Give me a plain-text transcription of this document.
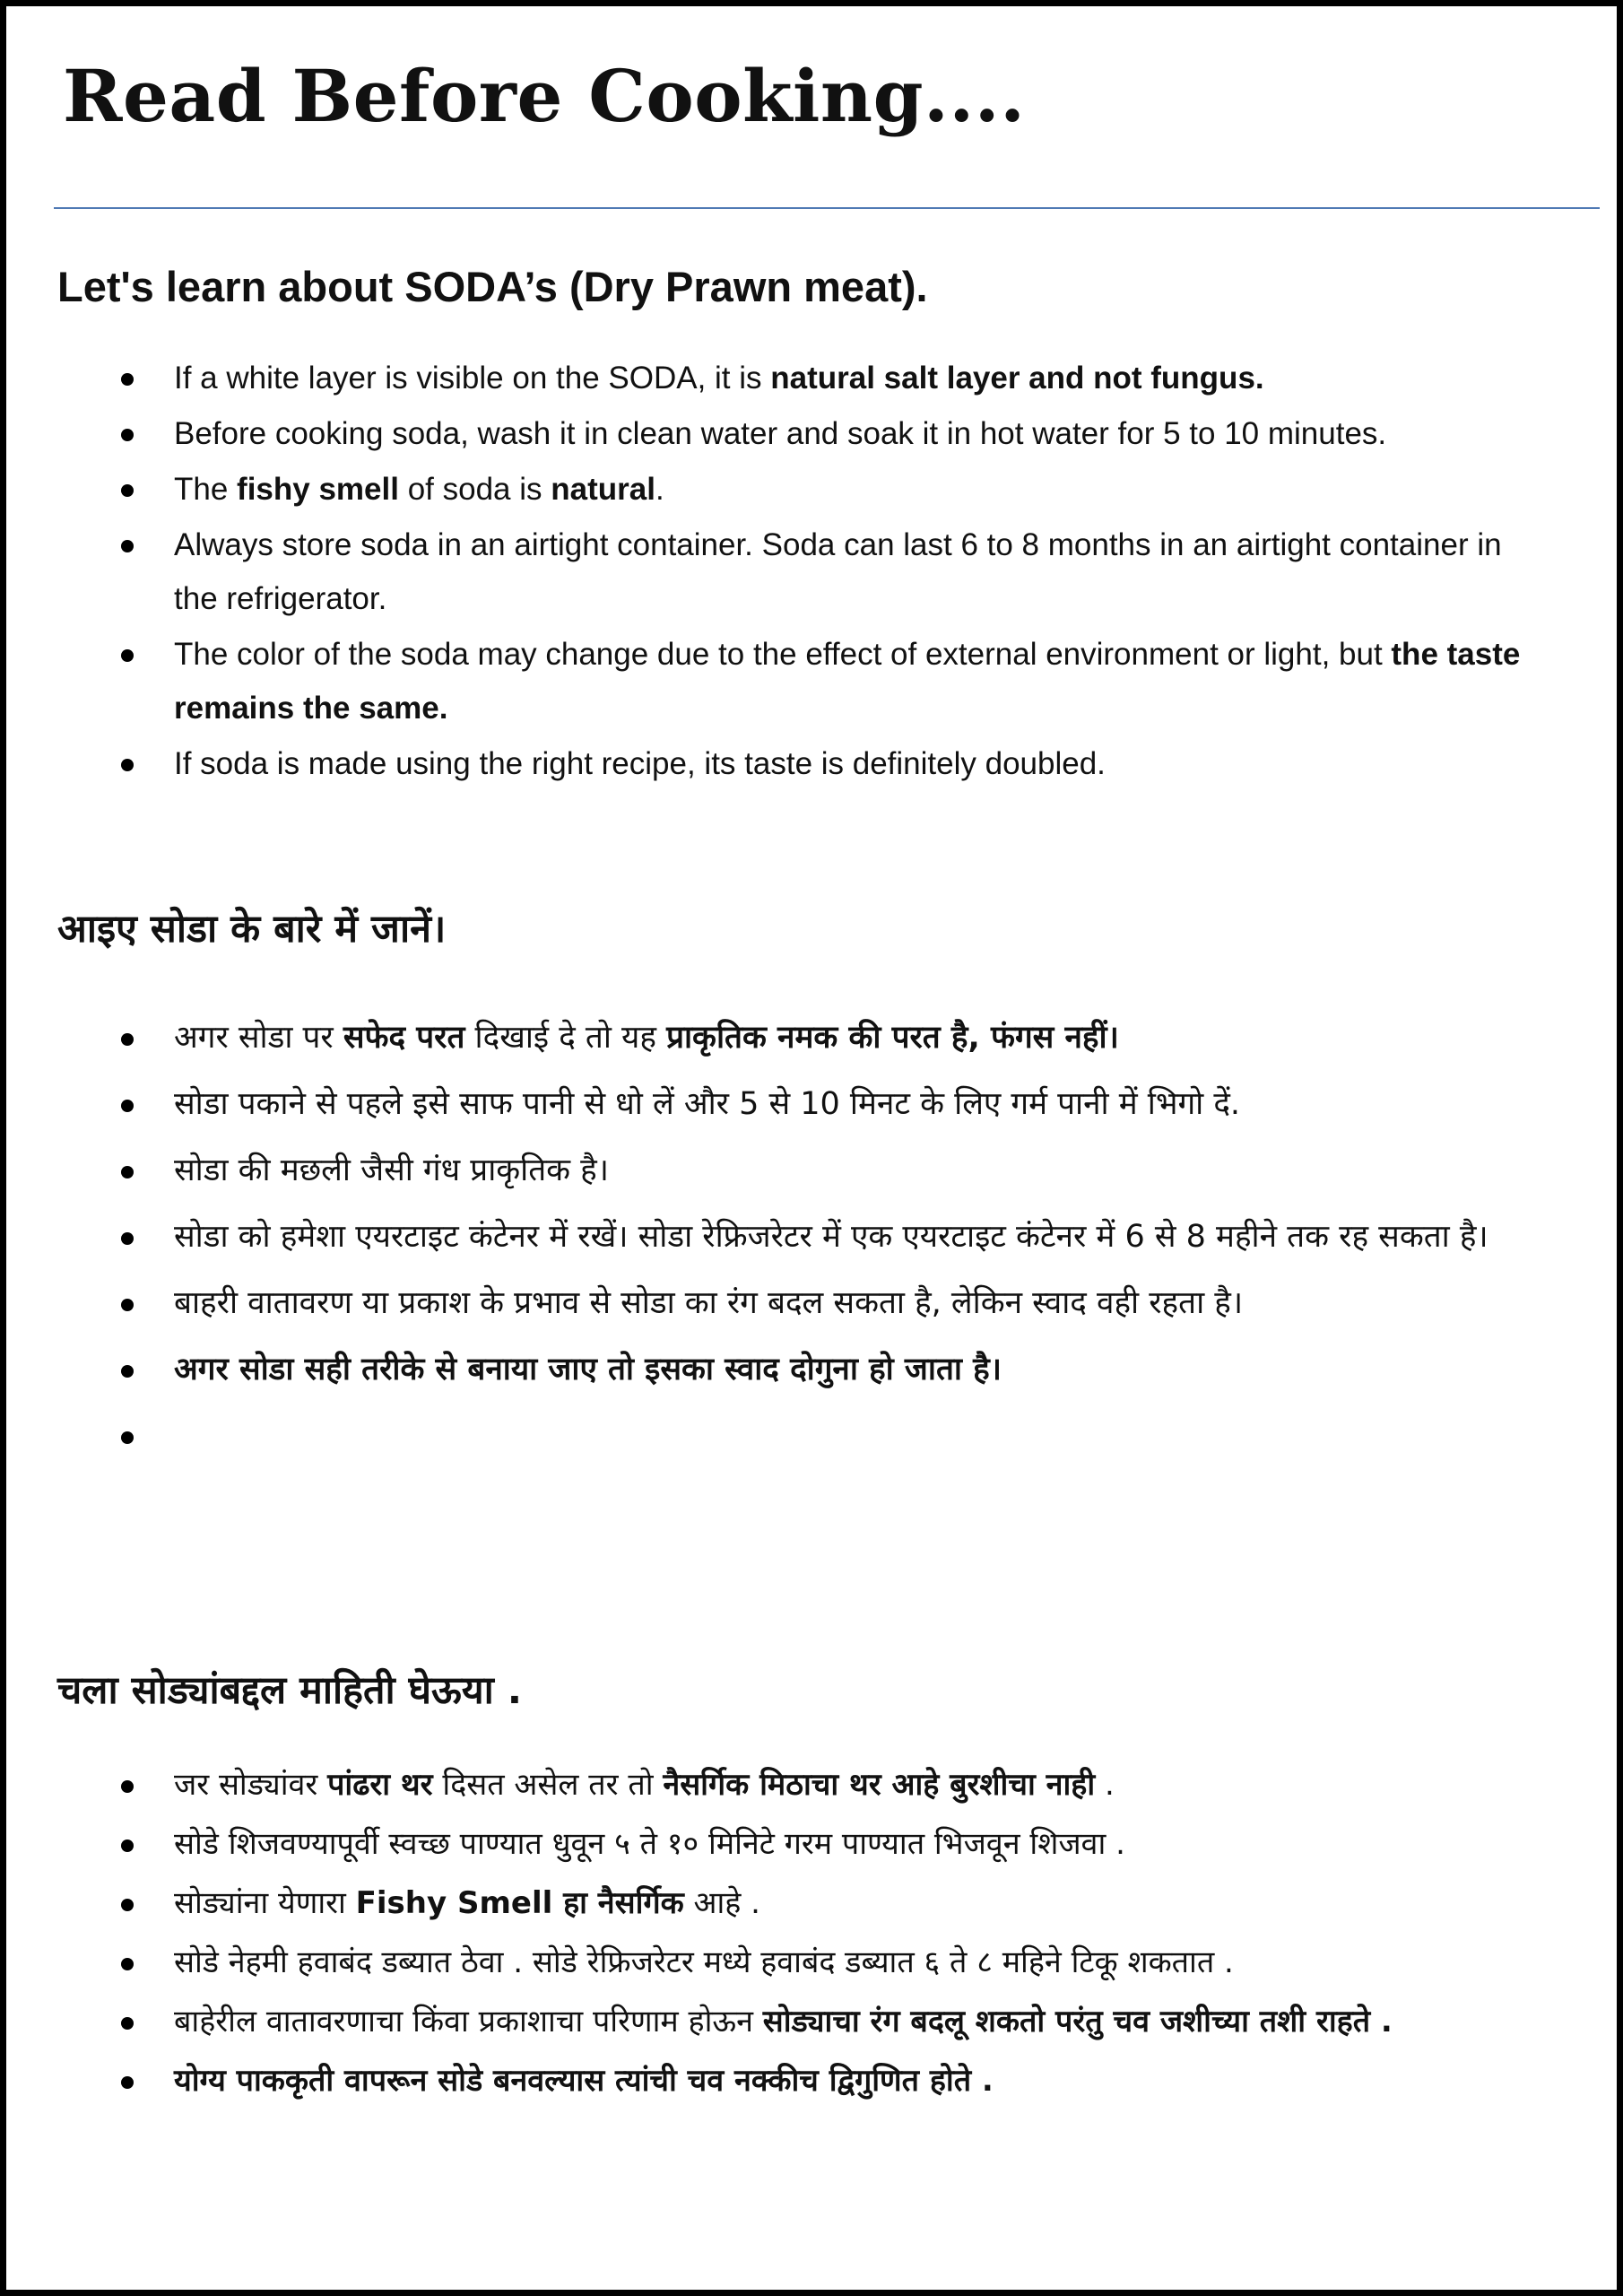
Read Before Cooking....
Let's learn about SODA’s (Dry Prawn meat).
If a white layer is visible on the SODA, it is natural salt layer and not fungus.
Before cooking soda, wash it in clean water and soak it in hot water for 5 to 10 minutes.
The fishy smell of soda is natural.
Always store soda in an airtight container. Soda can last 6 to 8 months in an airtight container in the refrigerator.
The color of the soda may change due to the effect of external environment or light, but the taste remains the same.
If soda is made using the right recipe, its taste is definitely doubled.
आइए सोडा के बारे में जानें।
अगर सोडा पर सफेद परत दिखाई दे तो यह प्राकृतिक नमक की परत है, फंगस नहीं।
सोडा पकाने से पहले इसे साफ पानी से धो लें और 5 से 10 मिनट के लिए गर्म पानी में भिगो दें.
सोडा की मछली जैसी गंध प्राकृतिक है।
सोडा को हमेशा एयरटाइट कंटेनर में रखें। सोडा रेफ्रिजरेटर में एक एयरटाइट कंटेनर में 6 से 8 महीने तक रह सकता है।
बाहरी वातावरण या प्रकाश के प्रभाव से सोडा का रंग बदल सकता है, लेकिन स्वाद वही रहता है।
अगर सोडा सही तरीके से बनाया जाए तो इसका स्वाद दोगुना हो जाता है।
चला सोड्यांबद्दल माहिती घेऊया .
जर सोड्यांवर पांढरा थर दिसत असेल तर तो नैसर्गिक मिठाचा थर आहे बुरशीचा नाही .
सोडे शिजवण्यापूर्वी स्वच्छ पाण्यात धुवून ५ ते १० मिनिटे गरम पाण्यात भिजवून शिजवा .
सोड्यांना येणारा Fishy Smell हा नैसर्गिक आहे .
सोडे नेहमी हवाबंद डब्यात ठेवा . सोडे रेफ्रिजरेटर मध्ये हवाबंद डब्यात ६ ते ८ महिने टिकू शकतात .
बाहेरील वातावरणाचा किंवा प्रकाशाचा परिणाम होऊन सोड्याचा रंग बदलू शकतो परंतु चव जशीच्या तशी राहते .
योग्य पाककृती वापरून सोडे बनवल्यास त्यांची चव नक्कीच द्विगुणित होते .
